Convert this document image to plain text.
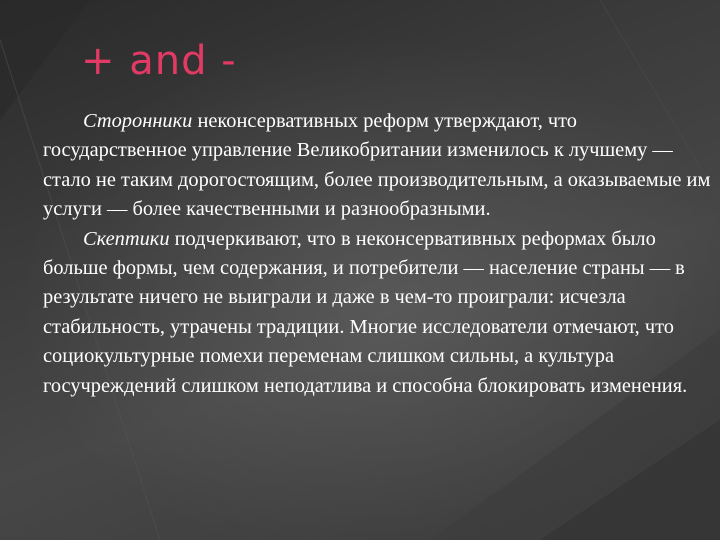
+ and -

Сторонники неконсервативных реформ утверждают, что государственное управление Великобритании изменилось к лучшему — стало не таким дорогостоящим, более производительным, а оказываемые им услуги — более качественными и разнообразными.

Скептики подчеркивают, что в неконсервативных реформах было больше формы, чем содержания, и потребители — население страны — в результате ничего не выиграли и даже в чем-то проиграли: исчезла стабильность, утрачены традиции. Многие исследователи отмечают, что социокультурные помехи переменам слишком сильны, а культура госучреждений слишком неподатлива и способна блокировать изменения.
